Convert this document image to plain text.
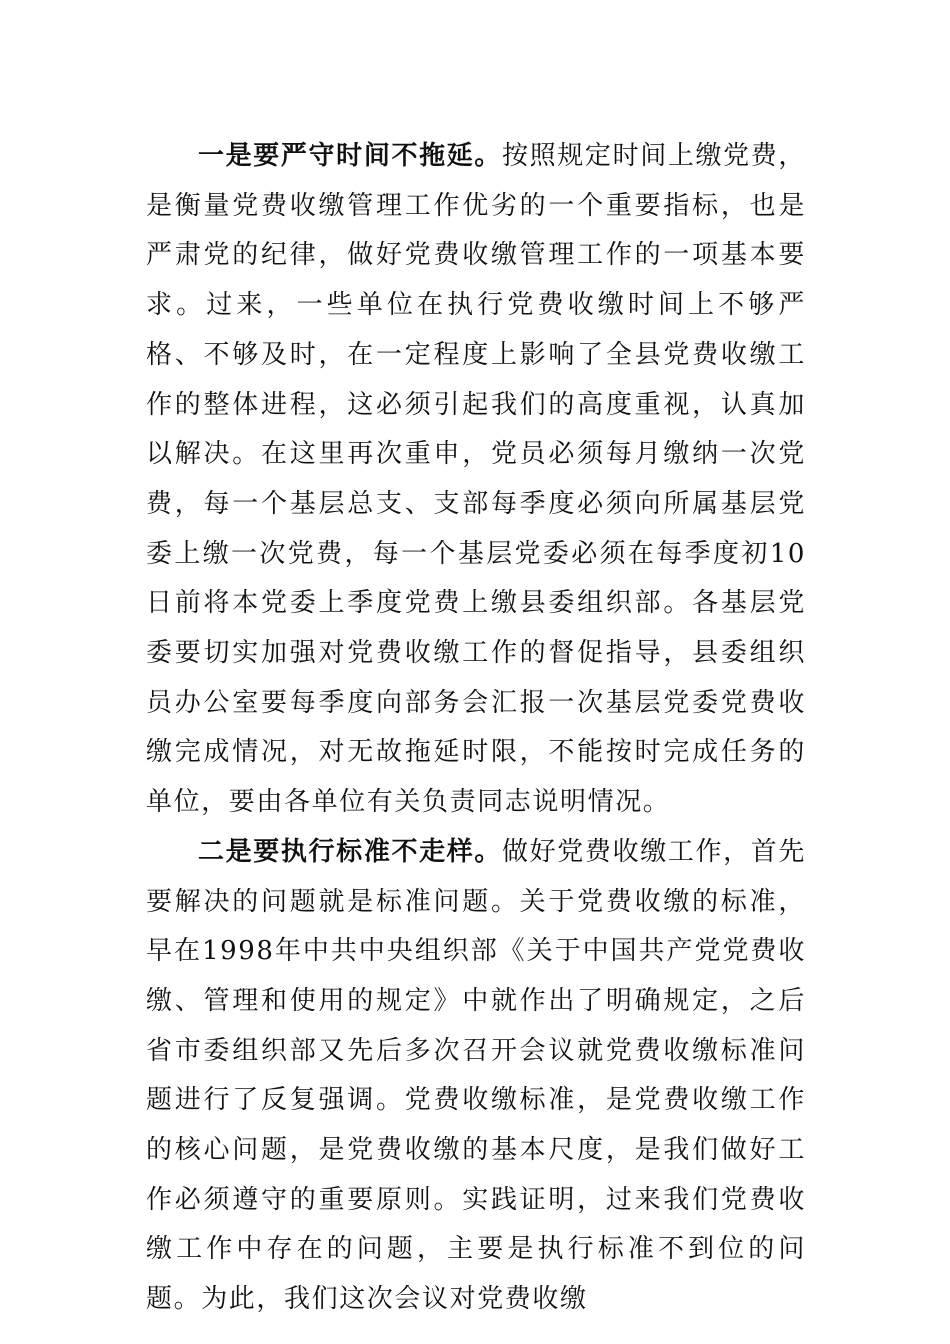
一是要严守时间不拖延。按照规定时间上缴党费，是衡量党费收缴管理工作优劣的一个重要指标，也是严肃党的纪律，做好党费收缴管理工作的一项基本要求。过来，一些单位在执行党费收缴时间上不够严格、不够及时，在一定程度上影响了全县党费收缴工作的整体进程，这必须引起我们的高度重视，认真加以解决。在这里再次重申，党员必须每月缴纳一次党费，每一个基层总支、支部每季度必须向所属基层党委上缴一次党费，每一个基层党委必须在每季度初10日前将本党委上季度党费上缴县委组织部。各基层党委要切实加强对党费收缴工作的督促指导，县委组织员办公室要每季度向部务会汇报一次基层党委党费收缴完成情况，对无故拖延时限，不能按时完成任务的单位，要由各单位有关负责同志说明情况。

二是要执行标准不走样。做好党费收缴工作，首先要解决的问题就是标准问题。关于党费收缴的标准，早在1998年中共中央组织部《关于中国共产党党费收缴、管理和使用的规定》中就作出了明确规定，之后省市委组织部又先后多次召开会议就党费收缴标准问题进行了反复强调。党费收缴标准，是党费收缴工作的核心问题，是党费收缴的基本尺度，是我们做好工作必须遵守的重要原则。实践证明，过来我们党费收缴工作中存在的问题，主要是执行标准不到位的问题。为此，我们这次会议对党费收缴
